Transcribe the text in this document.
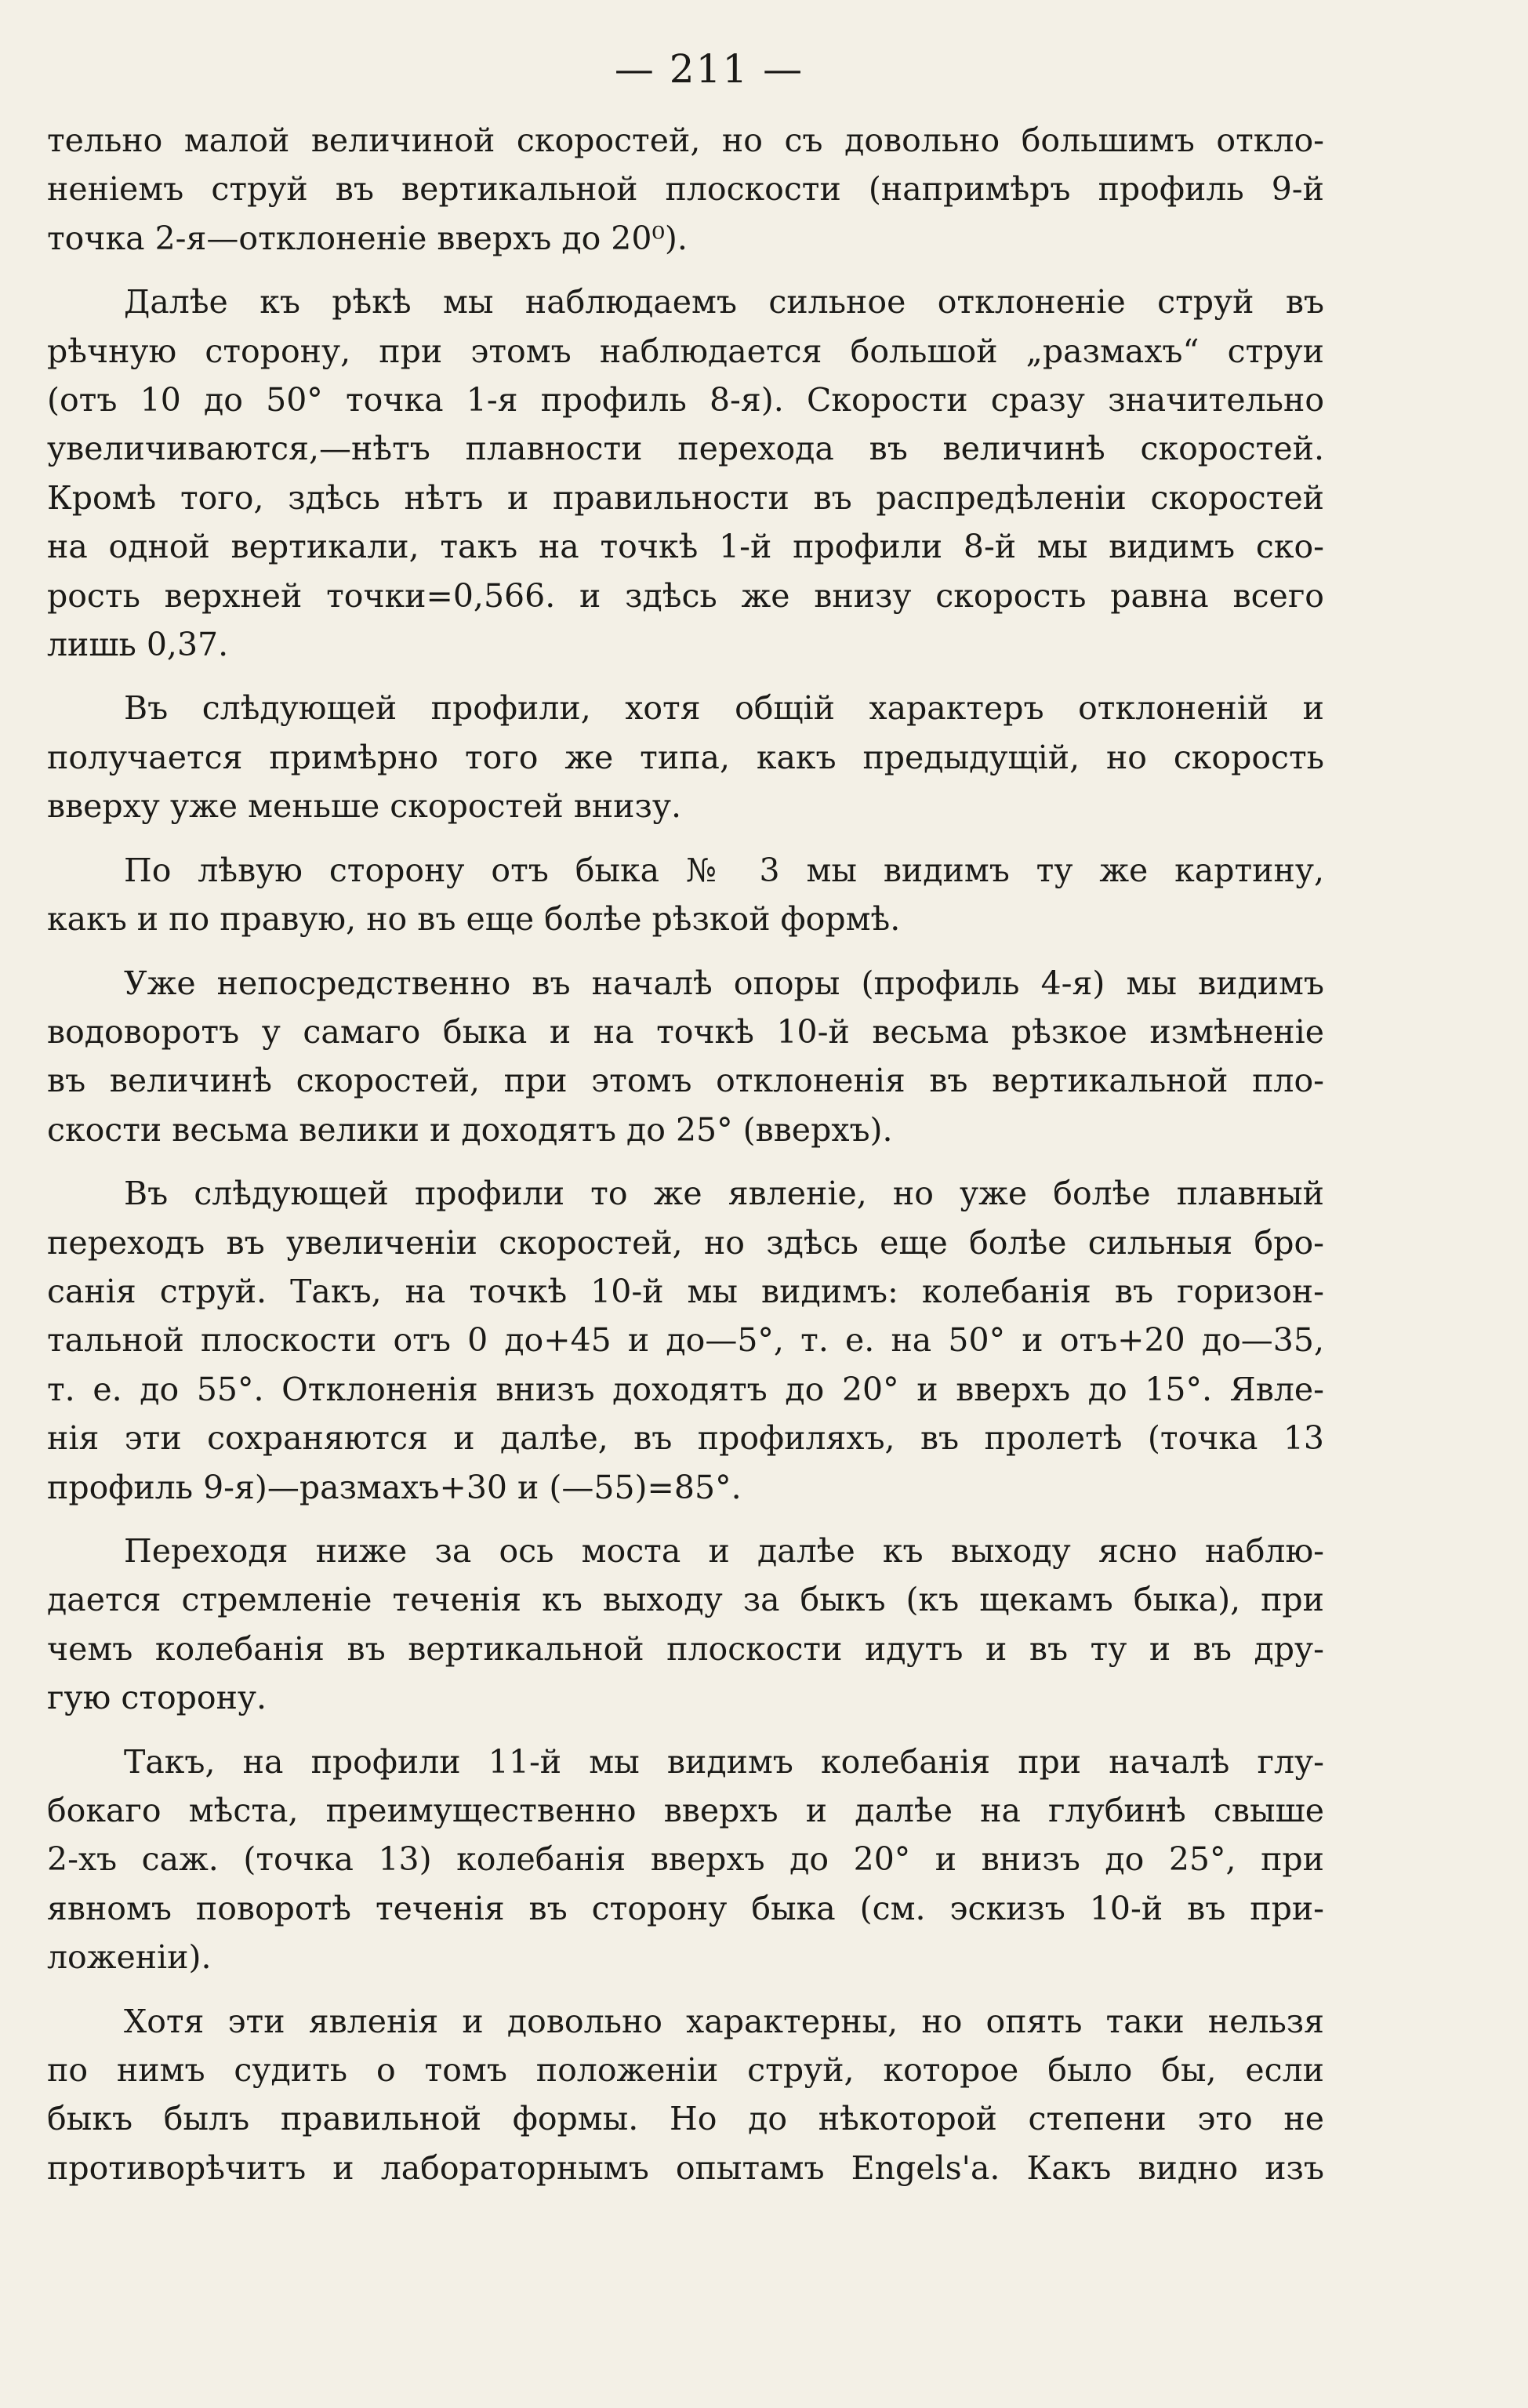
— 211 —
тельно малой величиной скоростей, но съ довольно большимъ откло-
ненiемъ струй въ вертикальной плоскости (напримѣръ профиль 9-й
точка 2-я—отклоненiе вверхъ до 20⁰).
Далѣе къ рѣкѣ мы наблюдаемъ сильное отклоненiе струй въ
рѣчную сторону, при этомъ наблюдается большой „размахъ“ струи
(отъ 10 до 50° точка 1-я профиль 8-я). Скорости сразу значительно
увеличиваются,—нѣтъ плавности перехода въ величинѣ скоростей.
Кромѣ того, здѣсь нѣтъ и правильности въ распредѣленiи скоростей
на одной вертикали, такъ на точкѣ 1-й профили 8-й мы видимъ ско-
рость верхней точки=0,566. и здѣсь же внизу скорость равна всего
лишь 0,37.
Въ слѣдующей профили, хотя общiй характеръ отклоненiй и
получается примѣрно того же типа, какъ предыдущiй, но скорость
вверху уже меньше скоростей внизу.
По лѣвую сторону отъ быка № 3 мы видимъ ту же картину,
какъ и по правую, но въ еще болѣе рѣзкой формѣ.
Уже непосредственно въ началѣ опоры (профиль 4-я) мы видимъ
водоворотъ у самаго быка и на точкѣ 10-й весьма рѣзкое измѣненiе
въ величинѣ скоростей, при этомъ отклоненiя въ вертикальной пло-
скости весьма велики и доходятъ до 25° (вверхъ).
Въ слѣдующей профили то же явленiе, но уже болѣе плавный
переходъ въ увеличенiи скоростей, но здѣсь еще болѣе сильныя бро-
санiя струй. Такъ, на точкѣ 10-й мы видимъ: колебанiя въ горизон-
тальной плоскости отъ 0 до+45 и до—5°, т. е. на 50° и отъ+20 до—35,
т. е. до 55°. Отклоненiя внизъ доходятъ до 20° и вверхъ до 15°. Явле-
нiя эти сохраняются и далѣе, въ профиляхъ, въ пролетѣ (точка 13
профиль 9-я)—размахъ+30 и (—55)=85°.
Переходя ниже за ось моста и далѣе къ выходу ясно наблю-
дается стремленiе теченiя къ выходу за быкъ (къ щекамъ быка), при
чемъ колебанiя въ вертикальной плоскости идутъ и въ ту и въ дру-
гую сторону.
Такъ, на профили 11-й мы видимъ колебанiя при началѣ глу-
бокаго мѣста, преимущественно вверхъ и далѣе на глубинѣ свыше
2-хъ саж. (точка 13) колебанiя вверхъ до 20° и внизъ до 25°, при
явномъ поворотѣ теченiя въ сторону быка (см. эскизъ 10-й въ при-
ложенiи).
Хотя эти явленiя и довольно характерны, но опять таки нельзя
по нимъ судить о томъ положенiи струй, которое было бы, если
быкъ былъ правильной формы. Но до нѣкоторой степени это не
противорѣчитъ и лабораторнымъ опытамъ Engels'а. Какъ видно изъ
